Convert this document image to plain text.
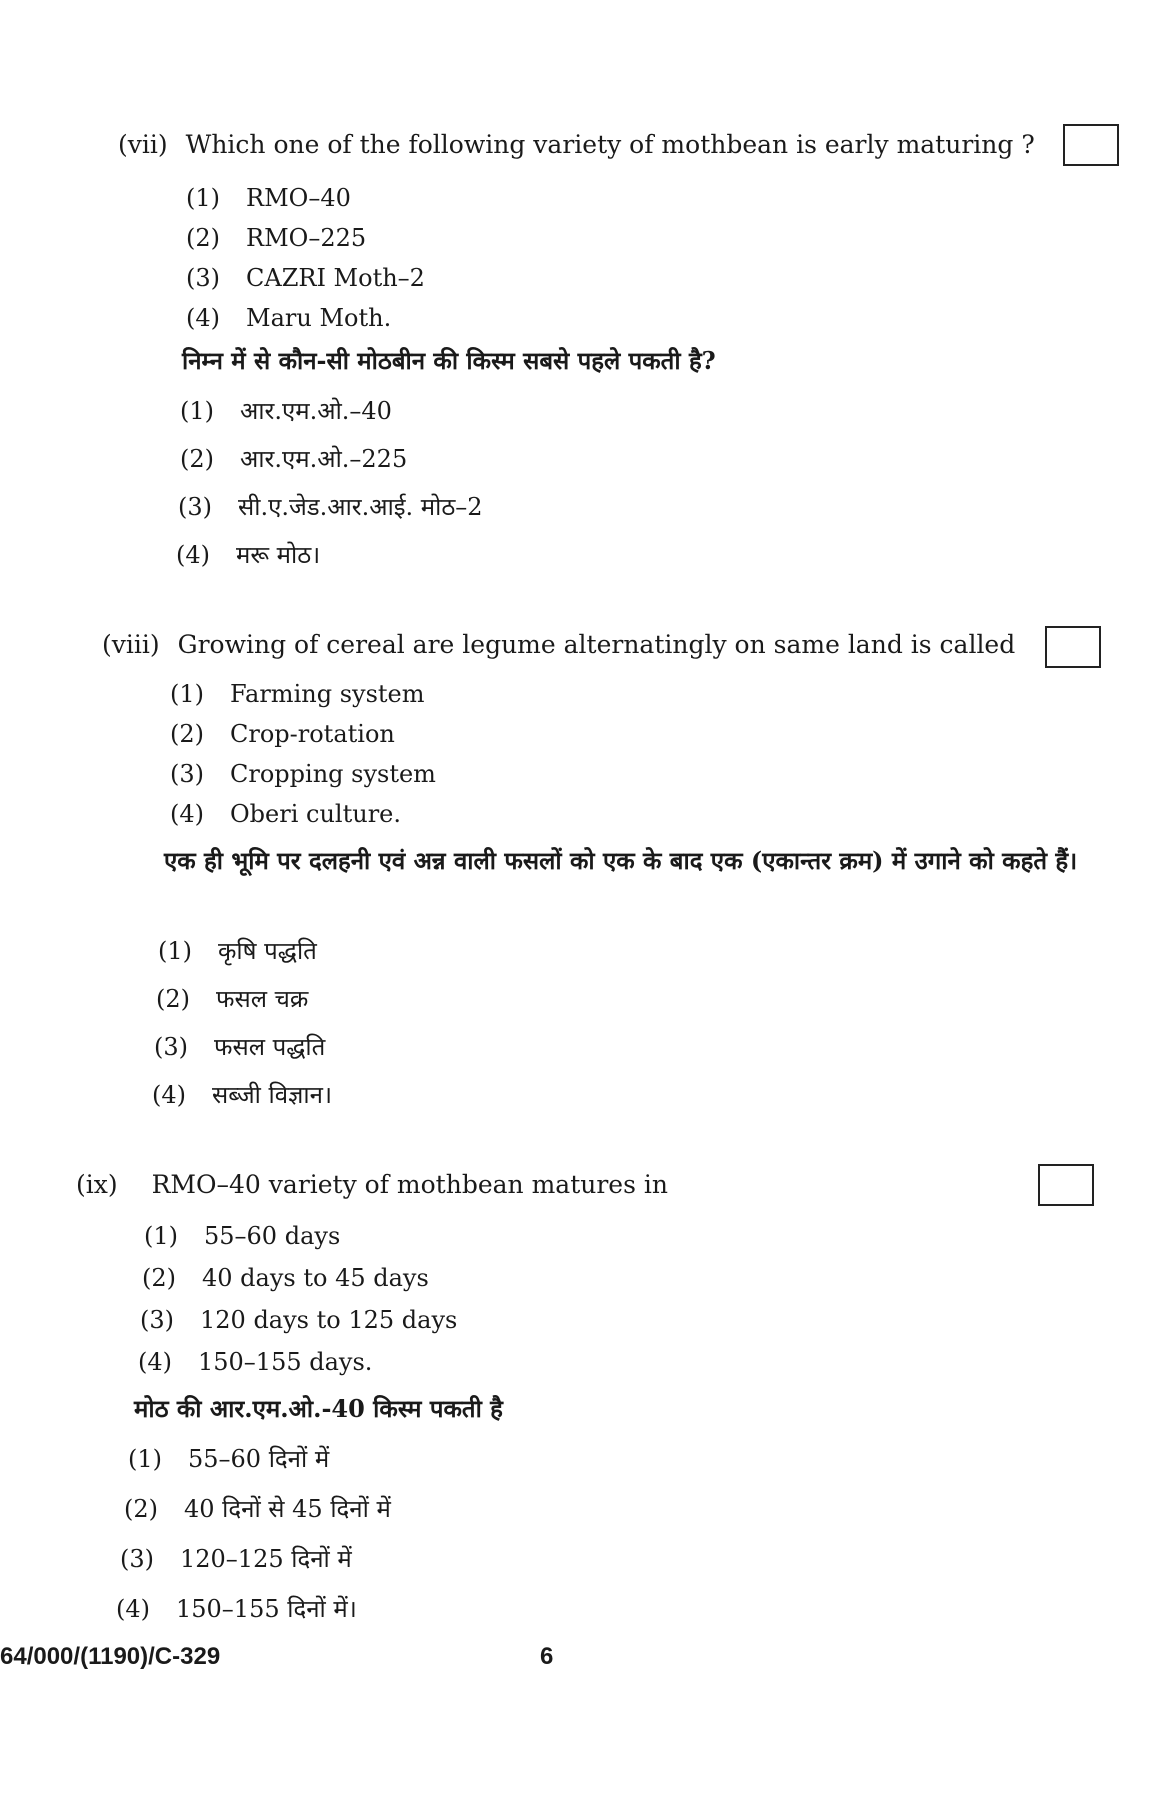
(vii) Which one of the following variety of mothbean is early maturing ?
(1) RMO–40
(2) RMO–225
(3) CAZRI Moth–2
(4) Maru Moth.
निम्न में से कौन-सी मोठबीन की किस्म सबसे पहले पकती है?
(1) आर.एम.ओ.–40
(2) आर.एम.ओ.–225
(3) सी.ए.जेड.आर.आई. मोठ–2
(4) मरू मोठ।
(viii) Growing of cereal are legume alternatingly on same land is called
(1) Farming system
(2) Crop-rotation
(3) Cropping system
(4) Oberi culture.
एक ही भूमि पर दलहनी एवं अन्न वाली फसलों को एक के बाद एक (एकान्तर क्रम) में उगाने को कहते हैं।
(1) कृषि पद्धति
(2) फसल चक्र
(3) फसल पद्धति
(4) सब्जी विज्ञान।
(ix) RMO–40 variety of mothbean matures in
(1) 55–60 days
(2) 40 days to 45 days
(3) 120 days to 125 days
(4) 150–155 days.
मोठ की आर.एम.ओ.-40 किस्म पकती है
(1) 55–60 दिनों में
(2) 40 दिनों से 45 दिनों में
(3) 120–125 दिनों में
(4) 150–155 दिनों में।
64/000/(1190)/C-329	6
